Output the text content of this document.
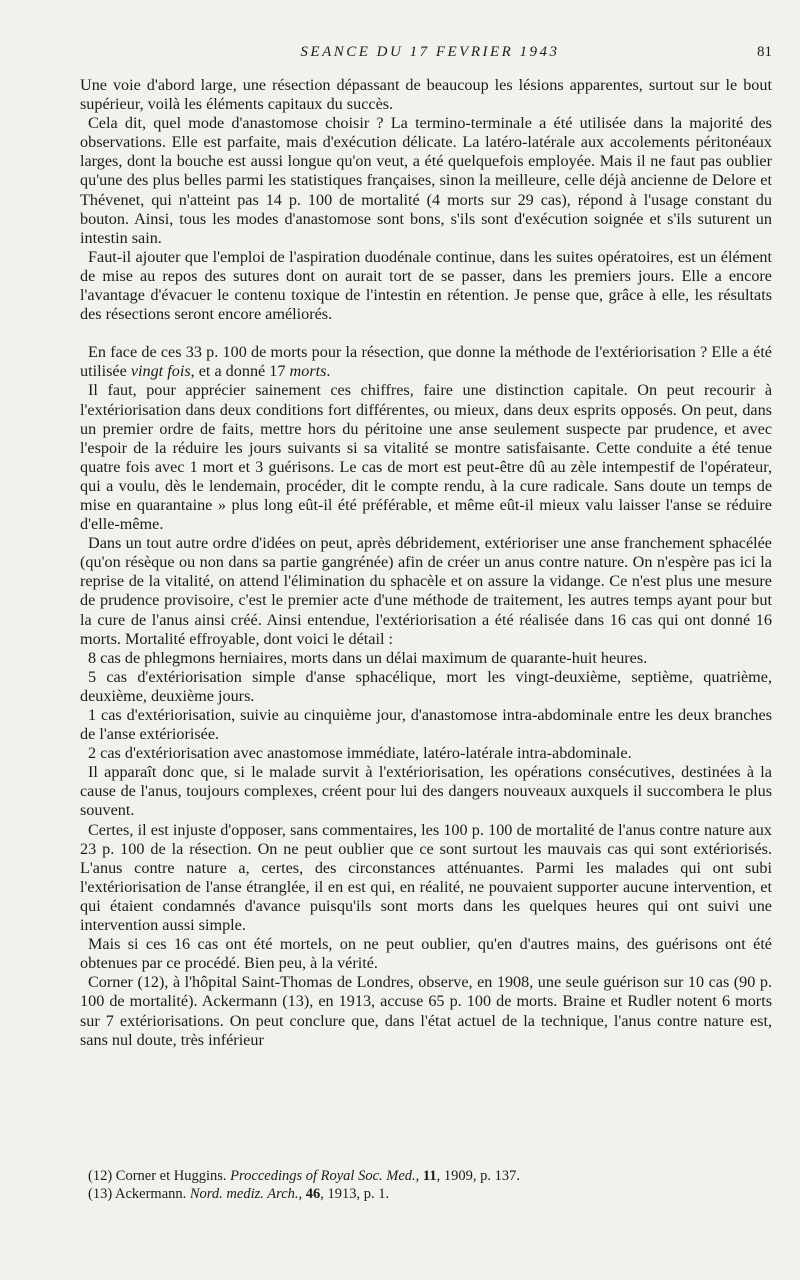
SEANCE DU 17 FEVRIER 1943	81

Une voie d'abord large, une résection dépassant de beaucoup les lésions apparentes, surtout sur le bout supérieur, voilà les éléments capitaux du succès.

Cela dit, quel mode d'anastomose choisir ? La termino-terminale a été utilisée dans la majorité des observations. Elle est parfaite, mais d'exécution délicate. La latéro-latérale aux accolements péritonéaux larges, dont la bouche est aussi longue qu'on veut, a été quelquefois employée. Mais il ne faut pas oublier qu'une des plus belles parmi les statistiques françaises, sinon la meilleure, celle déjà ancienne de Delore et Thévenet, qui n'atteint pas 14 p. 100 de mortalité (4 morts sur 29 cas), répond à l'usage constant du bouton. Ainsi, tous les modes d'anastomose sont bons, s'ils sont d'exécution soignée et s'ils suturent un intestin sain.

Faut-il ajouter que l'emploi de l'aspiration duodénale continue, dans les suites opératoires, est un élément de mise au repos des sutures dont on aurait tort de se passer, dans les premiers jours. Elle a encore l'avantage d'évacuer le contenu toxique de l'intestin en rétention. Je pense que, grâce à elle, les résultats des résections seront encore améliorés.

En face de ces 33 p. 100 de morts pour la résection, que donne la méthode de l'extériorisation ? Elle a été utilisée vingt fois, et a donné 17 morts.

Il faut, pour apprécier sainement ces chiffres, faire une distinction capitale. On peut recourir à l'extériorisation dans deux conditions fort différentes, ou mieux, dans deux esprits opposés. On peut, dans un premier ordre de faits, mettre hors du péritoine une anse seulement suspecte par prudence, et avec l'espoir de la réduire les jours suivants si sa vitalité se montre satisfaisante. Cette conduite a été tenue quatre fois avec 1 mort et 3 guérisons. Le cas de mort est peut-être dû au zèle intempestif de l'opérateur, qui a voulu, dès le lendemain, procéder, dit le compte rendu, à la cure radicale. Sans doute un temps de mise en quarantaine » plus long eût-il été préférable, et même eût-il mieux valu laisser l'anse se réduire d'elle-même.

Dans un tout autre ordre d'idées on peut, après débridement, extérioriser une anse franchement sphacélée (qu'on résèque ou non dans sa partie gangrénée) afin de créer un anus contre nature. On n'espère pas ici la reprise de la vitalité, on attend l'élimination du sphacèle et on assure la vidange. Ce n'est plus une mesure de prudence provisoire, c'est le premier acte d'une méthode de traitement, les autres temps ayant pour but la cure de l'anus ainsi créé. Ainsi entendue, l'extériorisation a été réalisée dans 16 cas qui ont donné 16 morts. Mortalité effroyable, dont voici le détail :

8 cas de phlegmons herniaires, morts dans un délai maximum de quarante-huit heures.

5 cas d'extériorisation simple d'anse sphacélique, mort les vingt-deuxième, septième, quatrième, deuxième, deuxième jours.

1 cas d'extériorisation, suivie au cinquième jour, d'anastomose intra-abdominale entre les deux branches de l'anse extériorisée.

2 cas d'extériorisation avec anastomose immédiate, latéro-latérale intra-abdominale.

Il apparaît donc que, si le malade survit à l'extériorisation, les opérations consécutives, destinées à la cause de l'anus, toujours complexes, créent pour lui des dangers nouveaux auxquels il succombera le plus souvent.

Certes, il est injuste d'opposer, sans commentaires, les 100 p. 100 de mortalité de l'anus contre nature aux 23 p. 100 de la résection. On ne peut oublier que ce sont surtout les mauvais cas qui sont extériorisés. L'anus contre nature a, certes, des circonstances atténuantes. Parmi les malades qui ont subi l'extériorisation de l'anse étranglée, il en est qui, en réalité, ne pouvaient supporter aucune intervention, et qui étaient condamnés d'avance puisqu'ils sont morts dans les quelques heures qui ont suivi une intervention aussi simple.

Mais si ces 16 cas ont été mortels, on ne peut oublier, qu'en d'autres mains, des guérisons ont été obtenues par ce procédé. Bien peu, à la vérité.

Corner (12), à l'hôpital Saint-Thomas de Londres, observe, en 1908, une seule guérison sur 10 cas (90 p. 100 de mortalité). Ackermann (13), en 1913, accuse 65 p. 100 de morts. Braine et Rudler notent 6 morts sur 7 extériorisations. On peut conclure que, dans l'état actuel de la technique, l'anus contre nature est, sans nul doute, très inférieur

(12) Corner et Huggins. Proccedings of Royal Soc. Med., 11, 1909, p. 137.

(13) Ackermann. Nord. mediz. Arch., 46, 1913, p. 1.
